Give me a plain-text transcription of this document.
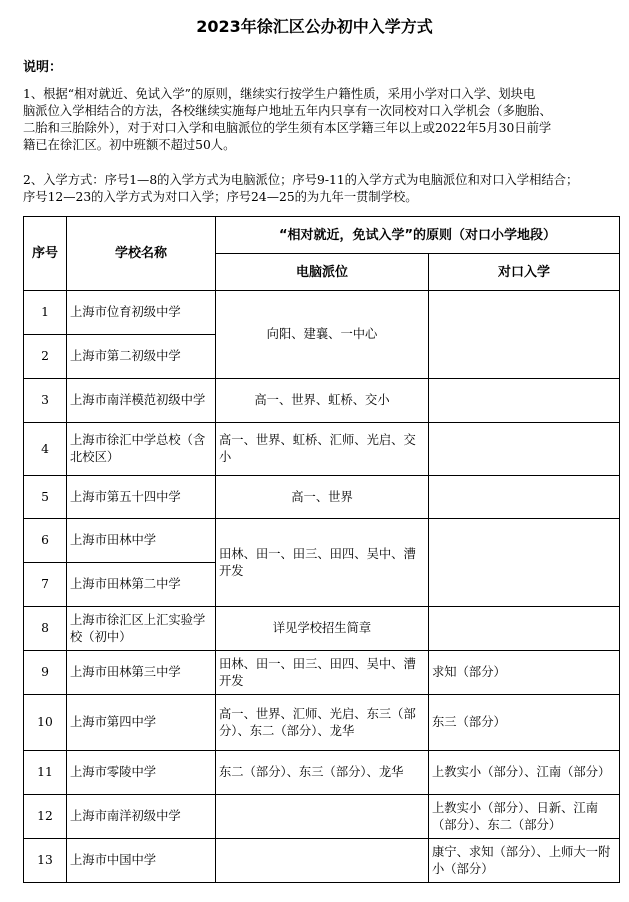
2023年徐汇区公办初中入学方式
说明：
1、根据“相对就近、免试入学”的原则，继续实行按学生户籍性质，采用小学对口入学、划块电
脑派位入学相结合的方法，各校继续实施每户地址五年内只享有一次同校对口入学机会（多胞胎、
二胎和三胎除外），对于对口入学和电脑派位的学生须有本区学籍三年以上或2022年5月30日前学
籍已在徐汇区。初中班额不超过50人。
2、入学方式：序号1—8的入学方式为电脑派位；序号9-11的入学方式为电脑派位和对口入学相结合；
序号12—23的入学方式为对口入学；序号24—25的为九年一贯制学校。
序号	学校名称	“相对就近，免试入学”的原则（对口小学地段）	
		电脑派位	对口入学
1	上海市位育初级中学	向阳、建襄、一中心	
2	上海市第二初级中学		
3	上海市南洋模范初级中学	高一、世界、虹桥、交小	
4	上海市徐汇中学总校（含北校区）	高一、世界、虹桥、汇师、光启、交小	
5	上海市第五十四中学	高一、世界	
6	上海市田林中学	田林、田一、田三、田四、吴中、漕开发	
7	上海市田林第二中学		
8	上海市徐汇区上汇实验学校（初中）	详见学校招生简章	
9	上海市田林第三中学	田林、田一、田三、田四、吴中、漕开发	求知（部分）
10	上海市第四中学	高一、世界、汇师、光启、东三（部分）、东二（部分）、龙华	东三（部分）
11	上海市零陵中学	东二（部分）、东三（部分）、龙华	上教实小（部分）、江南（部分）
12	上海市南洋初级中学		上教实小（部分）、日新、江南（部分）、东二（部分）
13	上海市中国中学		康宁、求知（部分）、上师大一附小（部分）
